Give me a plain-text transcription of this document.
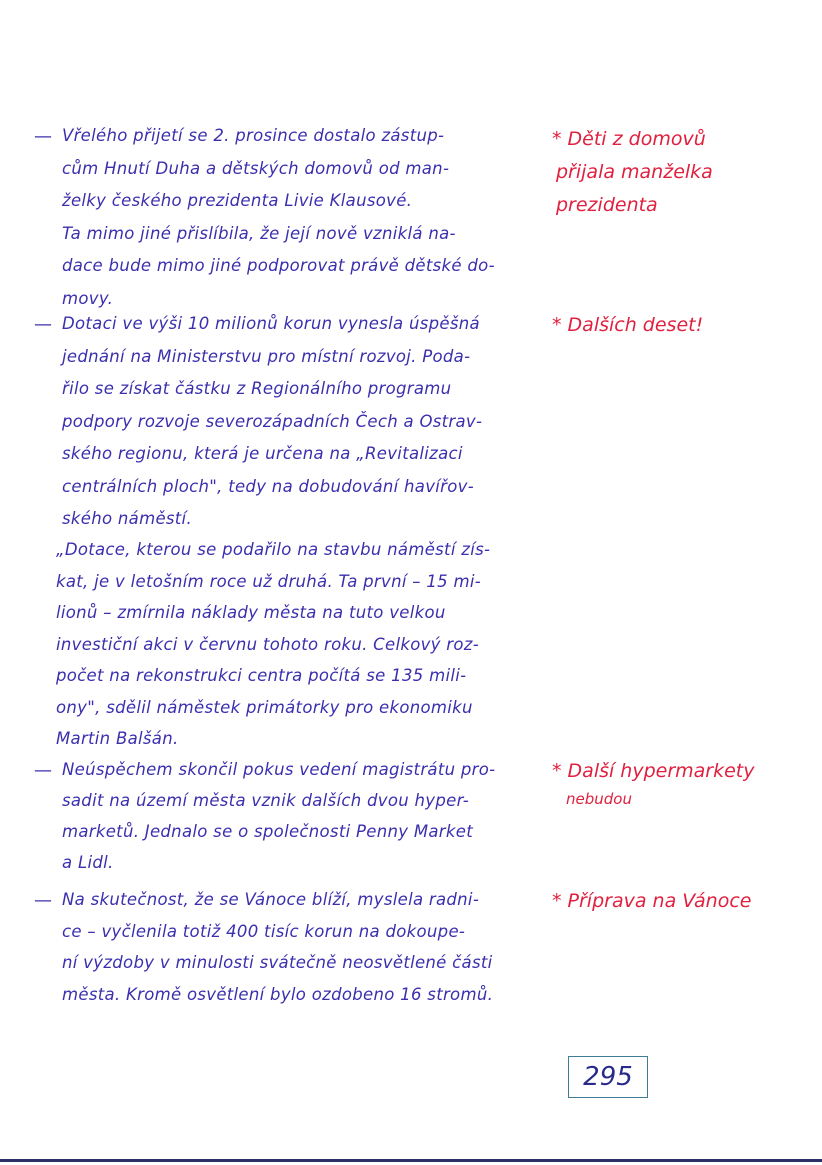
— Vřelého přijetí se 2. prosince dostalo zástup-
cům Hnutí Duha a dětských domovů od man-
želky českého prezidenta Livie Klausové.
Ta mimo jiné přislíbila, že její nově vzniklá na-
dace bude mimo jiné podporovat právě dětské do-
movy.
— Dotaci ve výši 10 milionů korun vynesla úspěšná
jednání na Ministerstvu pro místní rozvoj. Poda-
řilo se získat částku z Regionálního programu
podpory rozvoje severozápadních Čech a Ostrav-
ského regionu, která je určena na „Revitalizaci
centrálních ploch", tedy na dobudování havířov-
ského náměstí.
„Dotace, kterou se podařilo na stavbu náměstí zís-
kat, je v letošním roce už druhá. Ta první – 15 mi-
lionů – zmírnila náklady města na tuto velkou
investiční akci v červnu tohoto roku. Celkový roz-
počet na rekonstrukci centra počítá se 135 mili-
ony", sdělil náměstek primátorky pro ekonomiku
Martin Balšán.
— Neúspěchem skončil pokus vedení magistrátu pro-
sadit na území města vznik dalších dvou hyper-
marketů. Jednalo se o společnosti Penny Market
a Lidl.
— Na skutečnost, že se Vánoce blíží, myslela radni-
ce – vyčlenila totiž 400 tisíc korun na dokoupe-
ní výzdoby v minulosti svátečně neosvětlené části
města. Kromě osvětlení bylo ozdobeno 16 stromů.
* Děti z domovů
přijala manželka
prezidenta
* Dalších deset!
* Další hypermarkety
nebudou
* Příprava na Vánoce
295
